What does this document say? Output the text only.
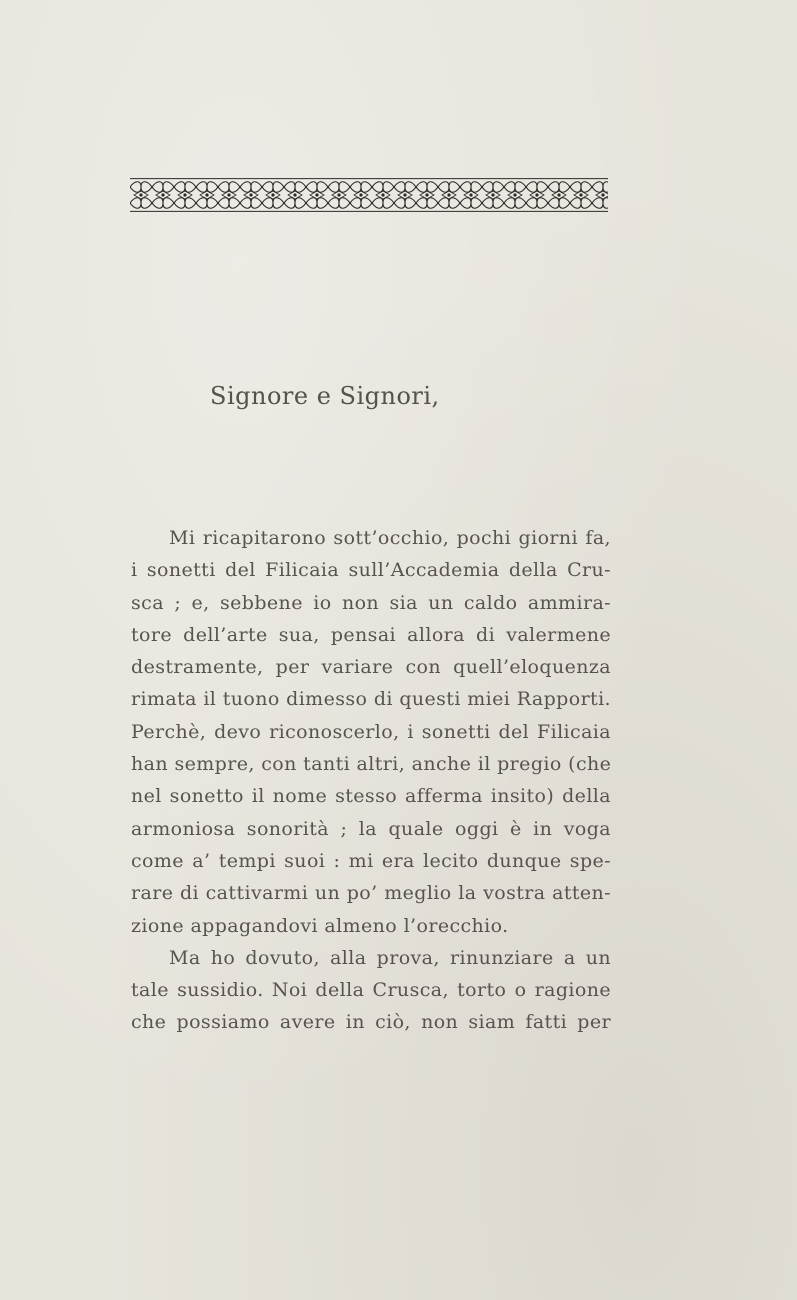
Signore e Signori,
Mi ricapitarono sott’occhio, pochi giorni fa,
i sonetti del Filicaia sull’Accademia della Cru-
sca ; e, sebbene io non sia un caldo ammira-
tore dell’arte sua, pensai allora di valermene
destramente, per variare con quell’eloquenza
rimata il tuono dimesso di questi miei Rapporti.
Perchè, devo riconoscerlo, i sonetti del Filicaia
han sempre, con tanti altri, anche il pregio (che
nel sonetto il nome stesso afferma insito) della
armoniosa sonorità ; la quale oggi è in voga
come a’ tempi suoi : mi era lecito dunque spe-
rare di cattivarmi un po’ meglio la vostra atten-
zione appagandovi almeno l’orecchio.
Ma ho dovuto, alla prova, rinunziare a un
tale sussidio. Noi della Crusca, torto o ragione
che possiamo avere in ciò, non siam fatti per
